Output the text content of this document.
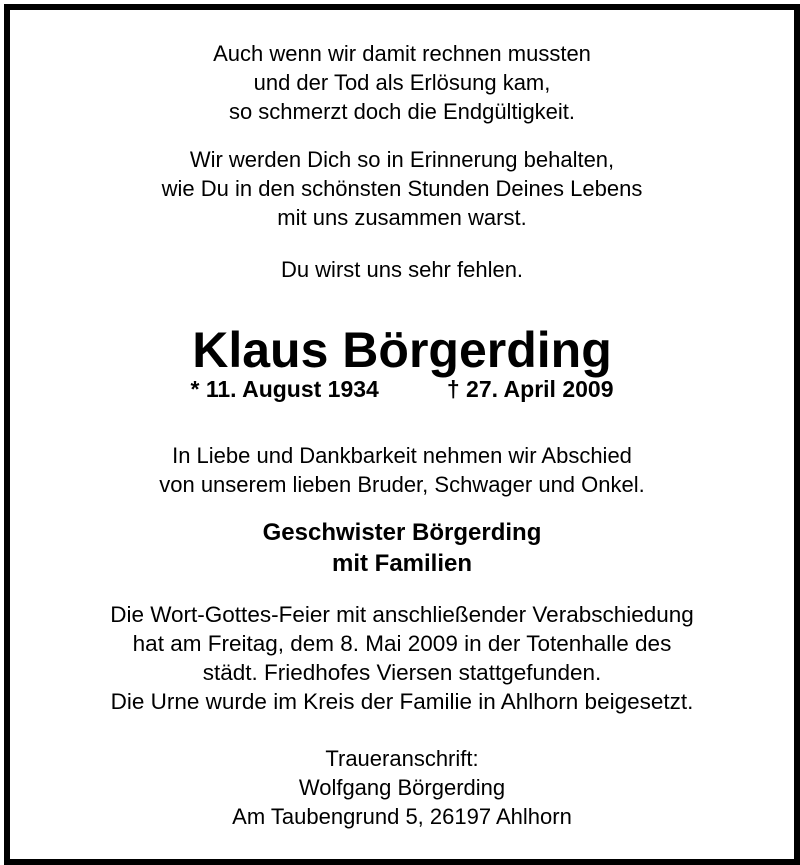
Auch wenn wir damit rechnen mussten
und der Tod als Erlösung kam,
so schmerzt doch die Endgültigkeit.
Wir werden Dich so in Erinnerung behalten,
wie Du in den schönsten Stunden Deines Lebens
mit uns zusammen warst.
Du wirst uns sehr fehlen.
Klaus Börgerding
* 11. August 1934	† 27. April 2009
In Liebe und Dankbarkeit nehmen wir Abschied
von unserem lieben Bruder, Schwager und Onkel.
Geschwister Börgerding
mit Familien
Die Wort-Gottes-Feier mit anschließender Verabschiedung
hat am Freitag, dem 8. Mai 2009 in der Totenhalle des
städt. Friedhofes Viersen stattgefunden.
Die Urne wurde im Kreis der Familie in Ahlhorn beigesetzt.
Traueranschrift:
Wolfgang Börgerding
Am Taubengrund 5, 26197 Ahlhorn
